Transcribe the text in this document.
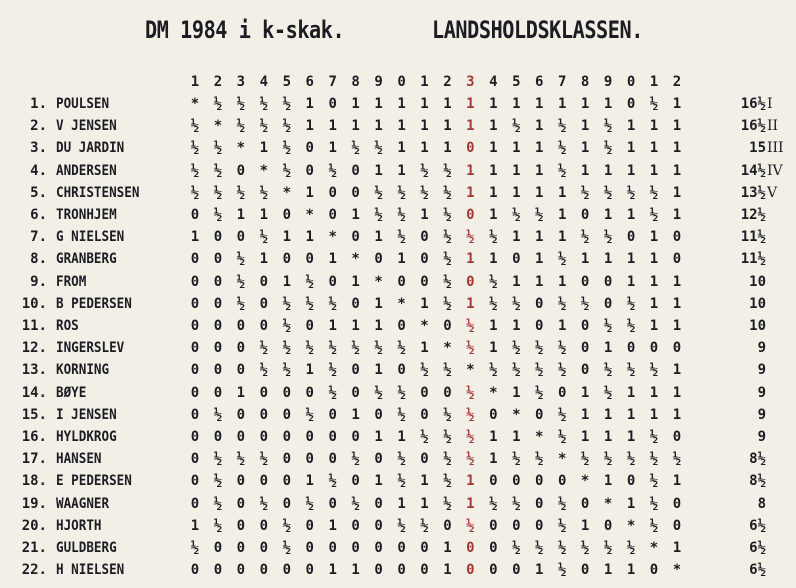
DM 1984 i k-skak.	LANDSHOLDSKLASSEN.
1 2 3 4 5 6 7 8 9 0 1 2 3 4 5 6 7 8 9 0 1 2
1. POULSEN	* ½ ½ ½ ½ 1 0 1 1 1 1 1 1 1 1 1 1 1 1 0 ½ 1	16½ I
2. V JENSEN	½ * ½ ½ ½ 1 1 1 1 1 1 1 1 1 ½ 1 ½ 1 ½ 1 1 1	16½ II
3. DU JARDIN	½ ½ * 1 ½ 0 1 ½ ½ 1 1 1 0 1 1 1 ½ 1 ½ 1 1 1	15 III
4. ANDERSEN	½ ½ 0 * ½ 0 ½ 0 1 1 ½ ½ 1 1 1 1 ½ 1 1 1 1 1	14½ IV
5. CHRISTENSEN	½ ½ ½ ½ * 1 0 0 ½ ½ ½ ½ 1 1 1 1 1 ½ ½ ½ ½ 1	13½ V
6. TRONHJEM	0 ½ 1 1 0 * 0 1 ½ ½ 1 ½ 0 1 ½ ½ 1 0 1 1 ½ 1	12½
7. G NIELSEN	1 0 0 ½ 1 1 * 0 1 ½ 0 ½ ½ ½ 1 1 1 ½ ½ 0 1 0	11½
8. GRANBERG	0 0 ½ 1 0 0 1 * 0 1 0 ½ 1 1 0 1 ½ 1 1 1 1 0	11½
9. FROM	0 0 ½ 0 1 ½ 0 1 * 0 0 ½ 0 ½ 1 1 1 0 0 1 1 1	10
10. B PEDERSEN	0 0 ½ 0 ½ ½ ½ 0 1 * 1 ½ 1 ½ ½ 0 ½ ½ 0 ½ 1 1	10
11. ROS	0 0 0 0 ½ 0 1 1 1 0 * 0 ½ 1 1 0 1 0 ½ ½ 1 1	10
12. INGERSLEV	0 0 0 ½ ½ ½ ½ ½ ½ ½ 1 * ½ 1 ½ ½ ½ 0 1 0 0 0	9
13. KORNING	0 0 0 ½ ½ 1 ½ 0 1 0 ½ ½ * ½ ½ ½ ½ 0 ½ ½ ½ 1	9
14. BØYE	0 0 1 0 0 0 ½ 0 ½ ½ 0 0 ½ * 1 ½ 0 1 ½ 1 1 1	9
15. I JENSEN	0 ½ 0 0 0 ½ 0 1 0 ½ 0 ½ ½ 0 * 0 ½ 1 1 1 1 1	9
16. HYLDKROG	0 0 0 0 0 0 0 0 1 1 ½ ½ ½ 1 1 * ½ 1 1 1 ½ 0	9
17. HANSEN	0 ½ ½ ½ 0 0 0 ½ 0 ½ 0 ½ ½ 1 ½ ½ * ½ ½ ½ ½ ½	8½
18. E PEDERSEN	0 ½ 0 0 0 1 ½ 0 1 ½ 1 ½ 1 0 0 0 0 * 1 0 ½ 1	8½
19. WAAGNER	0 ½ 0 ½ 0 ½ 0 ½ 0 1 1 ½ 1 ½ ½ 0 ½ 0 * 1 ½ 0	8
20. HJORTH	1 ½ 0 0 ½ 0 1 0 0 ½ ½ 0 ½ 0 0 0 ½ 1 0 * ½ 0	6½
21. GULDBERG	½ 0 0 0 ½ 0 0 0 0 0 0 1 0 0 ½ ½ ½ ½ ½ ½ * 1	6½
22. H NIELSEN	0 0 0 0 0 0 1 1 0 0 0 1 0 0 0 1 ½ 0 1 1 0 *	6½
